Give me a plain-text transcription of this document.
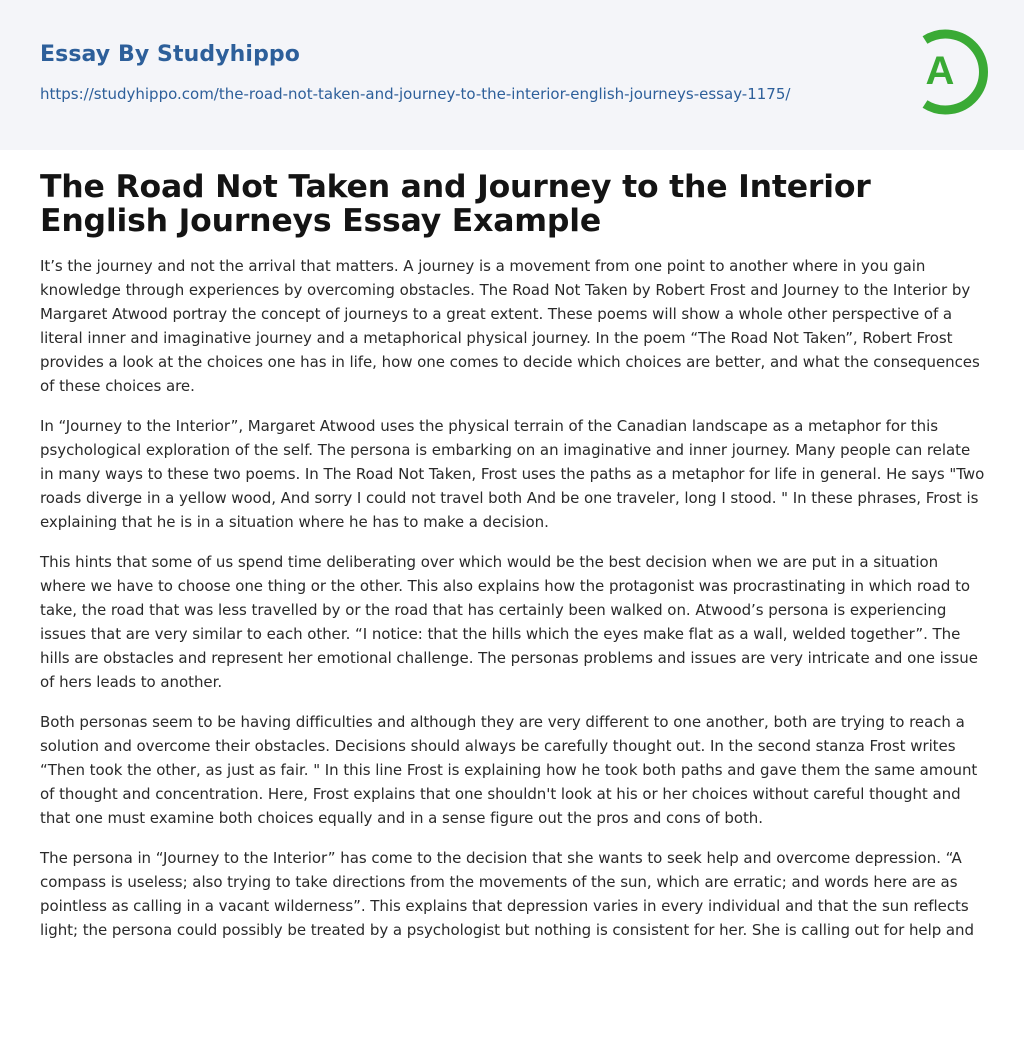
Essay By Studyhippo
https://studyhippo.com/the-road-not-taken-and-journey-to-the-interior-english-journeys-essay-1175/
A
The Road Not Taken and Journey to the Interior English Journeys Essay Example

It’s the journey and not the arrival that matters. A journey is a movement from one point to another where in you gain knowledge through experiences by overcoming obstacles. The Road Not Taken by Robert Frost and Journey to the Interior by Margaret Atwood portray the concept of journeys to a great extent. These poems will show a whole other perspective of a literal inner and imaginative journey and a metaphorical physical journey. In the poem “The Road Not Taken”, Robert Frost provides a look at the choices one has in life, how one comes to decide which choices are better, and what the consequences of these choices are.

In “Journey to the Interior”, Margaret Atwood uses the physical terrain of the Canadian landscape as a metaphor for this psychological exploration of the self. The persona is embarking on an imaginative and inner journey. Many people can relate in many ways to these two poems. In The Road Not Taken, Frost uses the paths as a metaphor for life in general. He says "Two roads diverge in a yellow wood, And sorry I could not travel both And be one traveler, long I stood. " In these phrases, Frost is explaining that he is in a situation where he has to make a decision.

This hints that some of us spend time deliberating over which would be the best decision when we are put in a situation where we have to choose one thing or the other. This also explains how the protagonist was procrastinating in which road to take, the road that was less travelled by or the road that has certainly been walked on. Atwood’s persona is experiencing issues that are very similar to each other. “I notice: that the hills which the eyes make flat as a wall, welded together”. The hills are obstacles and represent her emotional challenge. The personas problems and issues are very intricate and one issue of hers leads to another.

Both personas seem to be having difficulties and although they are very different to one another, both are trying to reach a solution and overcome their obstacles. Decisions should always be carefully thought out. In the second stanza Frost writes “Then took the other, as just as fair. " In this line Frost is explaining how he took both paths and gave them the same amount of thought and concentration. Here, Frost explains that one shouldn't look at his or her choices without careful thought and that one must examine both choices equally and in a sense figure out the pros and cons of both.

The persona in “Journey to the Interior” has come to the decision that she wants to seek help and overcome depression. “A compass is useless; also trying to take directions from the movements of the sun, which are erratic; and words here are as pointless as calling in a vacant wilderness”. This explains that depression varies in every individual and that the sun reflects light; the persona could possibly be treated by a psychologist but nothing is consistent for her. She is calling out for help and
